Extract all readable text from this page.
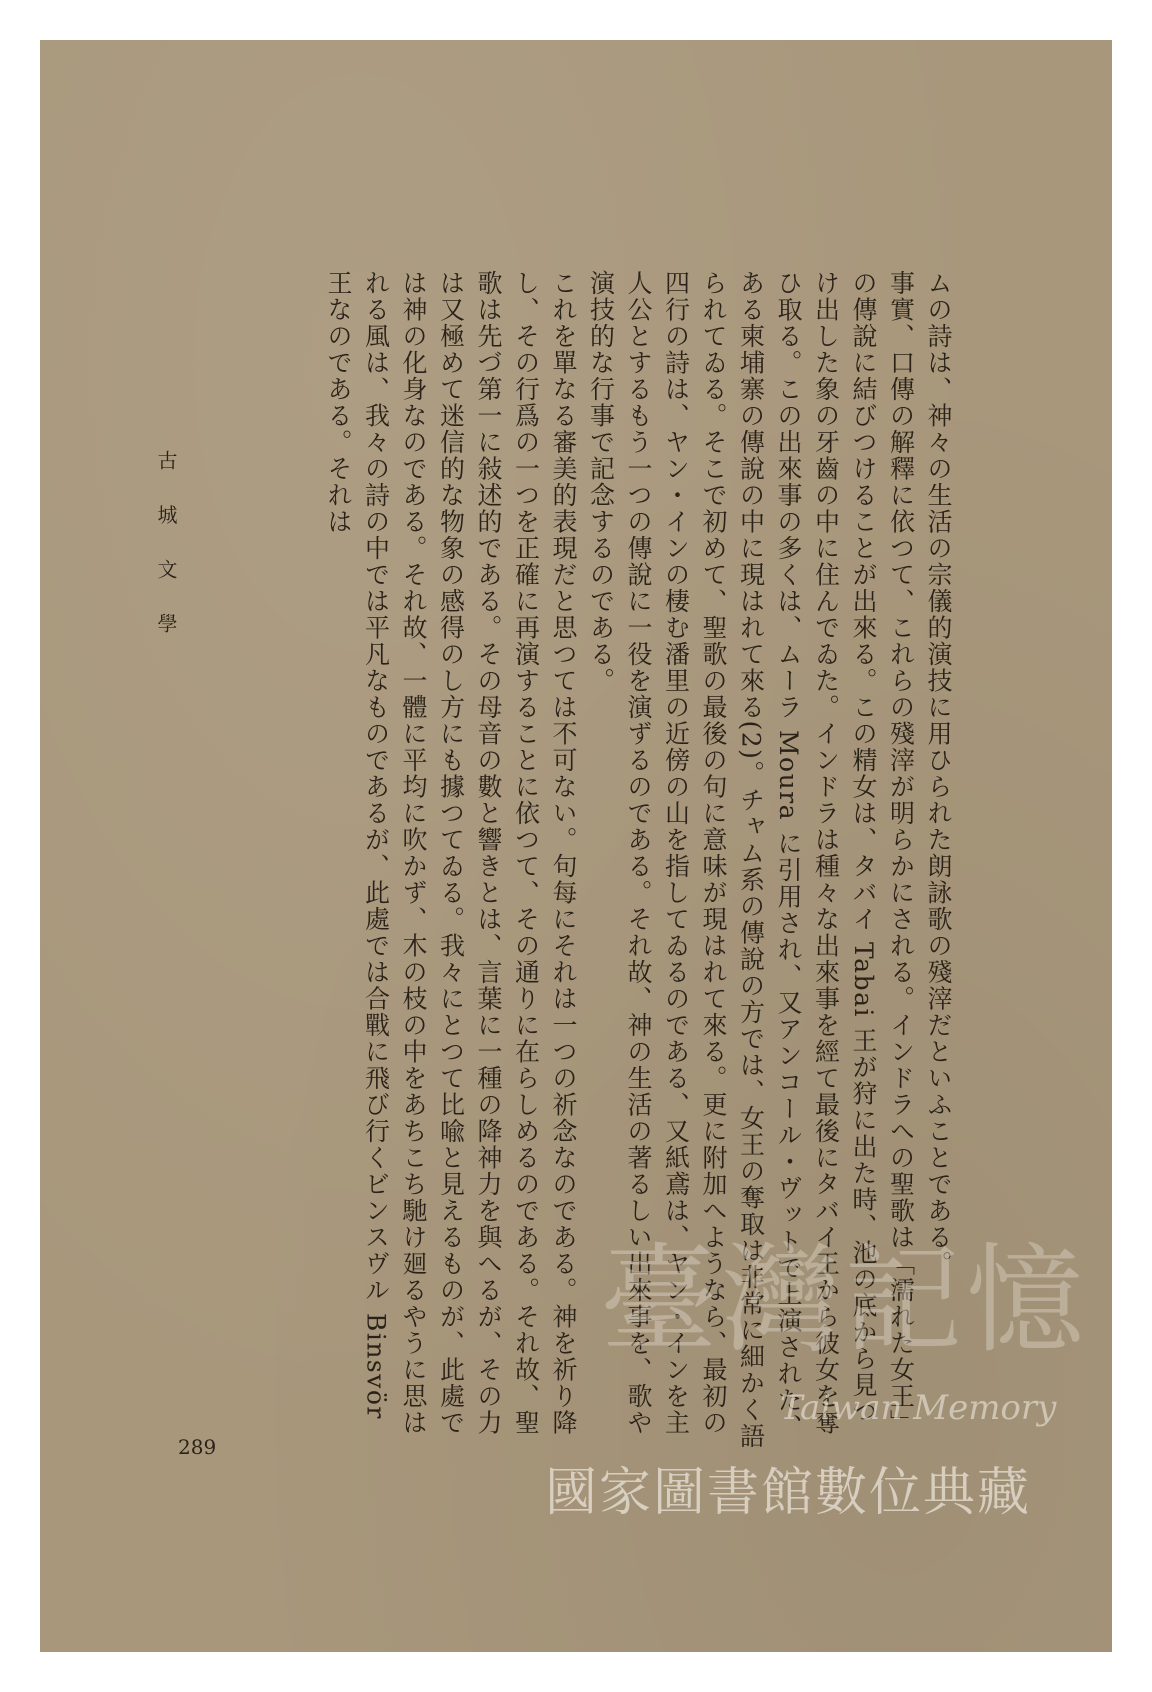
ムの詩は、神々の生活の宗儀的演技に用ひられた朗詠歌の殘滓だといふことである。

事實、口傳の解釋に依つて、これらの殘滓が明らかにされる。インドラへの聖歌は「濡れた女王」の傳說に結びつけることが出來る。この精女は、タバイ Tabai 王が狩に出た時、池の底から見つけ出した象の牙齒の中に住んでゐた。インドラは種々な出來事を經て最後にタバイ王から彼女を奪ひ取る。この出來事の多くは、ムーラ Moura に引用され、又アンコール・ヴットで上演された、ある柬埔寨の傳說の中に現はれて來る(2)。チャム系の傳說の方では、女王の奪取は非常に細かく語られてゐる。そこで初めて、聖歌の最後の句に意味が現はれて來る。更に附加へようなら、最初の四行の詩は、ヤン・インの棲む潘里の近傍の山を指してゐるのである、又紙鳶は、ヤン・インを主人公とするもう一つの傳說に一役を演ずるのである。それ故、神の生活の著るしい出來事を、歌や演技的な行事で記念するのである。

これを單なる審美的表現だと思つては不可ない。句每にそれは一つの祈念なのである。神を祈り降し、その行爲の一つを正確に再演することに依つて、その通りに在らしめるのである。それ故、聖歌は先づ第一に敍述的である。その母音の數と響きとは、言葉に一種の降神力を與へるが、その力は又極めて迷信的な物象の感得のし方にも據つてゐる。我々にとつて比喩と見えるものが、此處では神の化身なのである。それ故、一體に平均に吹かず、木の枝の中をあちこち馳け廻るやうに思はれる風は、我々の詩の中では平凡なものであるが、此處では合戰に飛び行くビンスヴル Binsvör 王なのである。それは

古 城 文 學
289
臺灣記憶
Taiwan Memory
國家圖書館數位典藏
